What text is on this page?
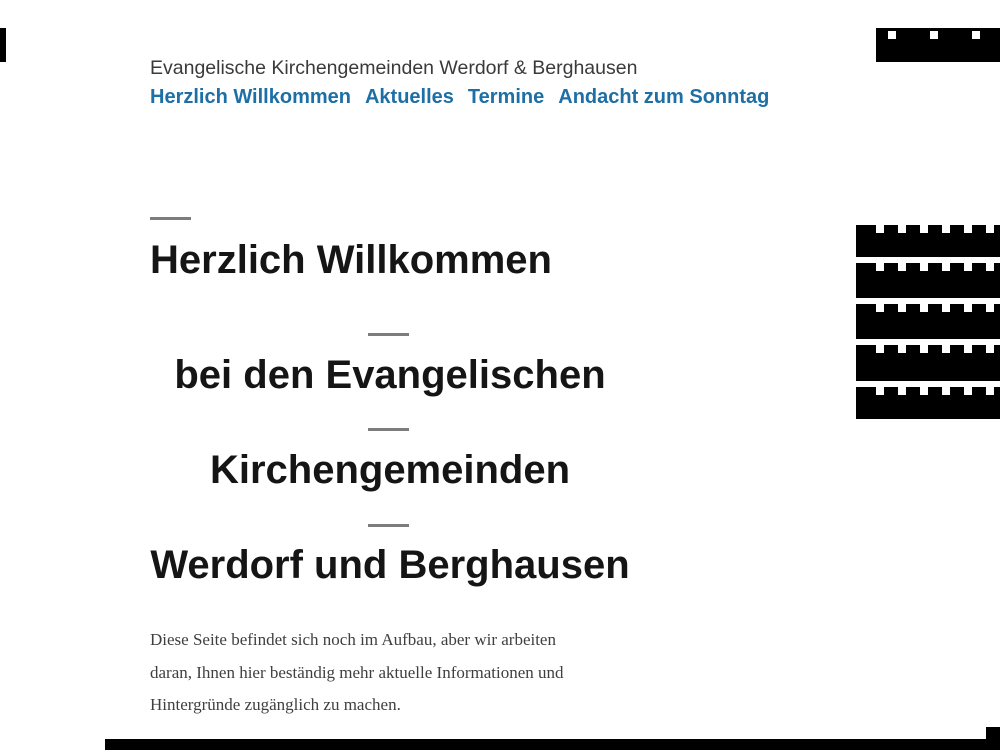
Evangelische Kirchengemeinden Werdorf & Berghausen
Herzlich Willkommen Aktuelles Termine Andacht zum Sonntag
Herzlich Willkommen
bei den Evangelischen
Kirchengemeinden
Werdorf und Berghausen
Diese Seite befindet sich noch im Aufbau, aber wir arbeiten
daran, Ihnen hier beständig mehr aktuelle Informationen und
Hintergründe zugänglich zu machen.
